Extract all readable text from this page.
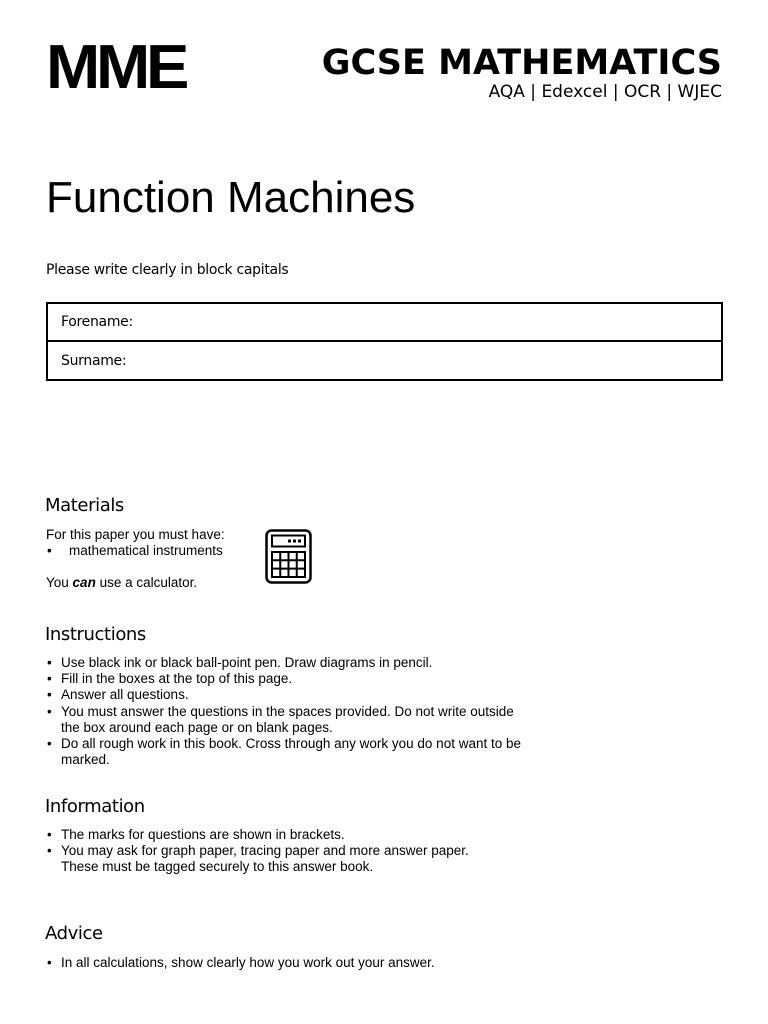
MME	GCSE MATHEMATICS
AQA | Edexcel | OCR | WJEC
Function Machines
Please write clearly in block capitals
Forename:
Surname:
Materials
For this paper you must have:
• mathematical instruments
You can use a calculator.
Instructions
• Use black ink or black ball-point pen. Draw diagrams in pencil.
• Fill in the boxes at the top of this page.
• Answer all questions.
• You must answer the questions in the spaces provided. Do not write outside the box around each page or on blank pages.
• Do all rough work in this book. Cross through any work you do not want to be marked.
Information
• The marks for questions are shown in brackets.
• You may ask for graph paper, tracing paper and more answer paper. These must be tagged securely to this answer book.
Advice
• In all calculations, show clearly how you work out your answer.
